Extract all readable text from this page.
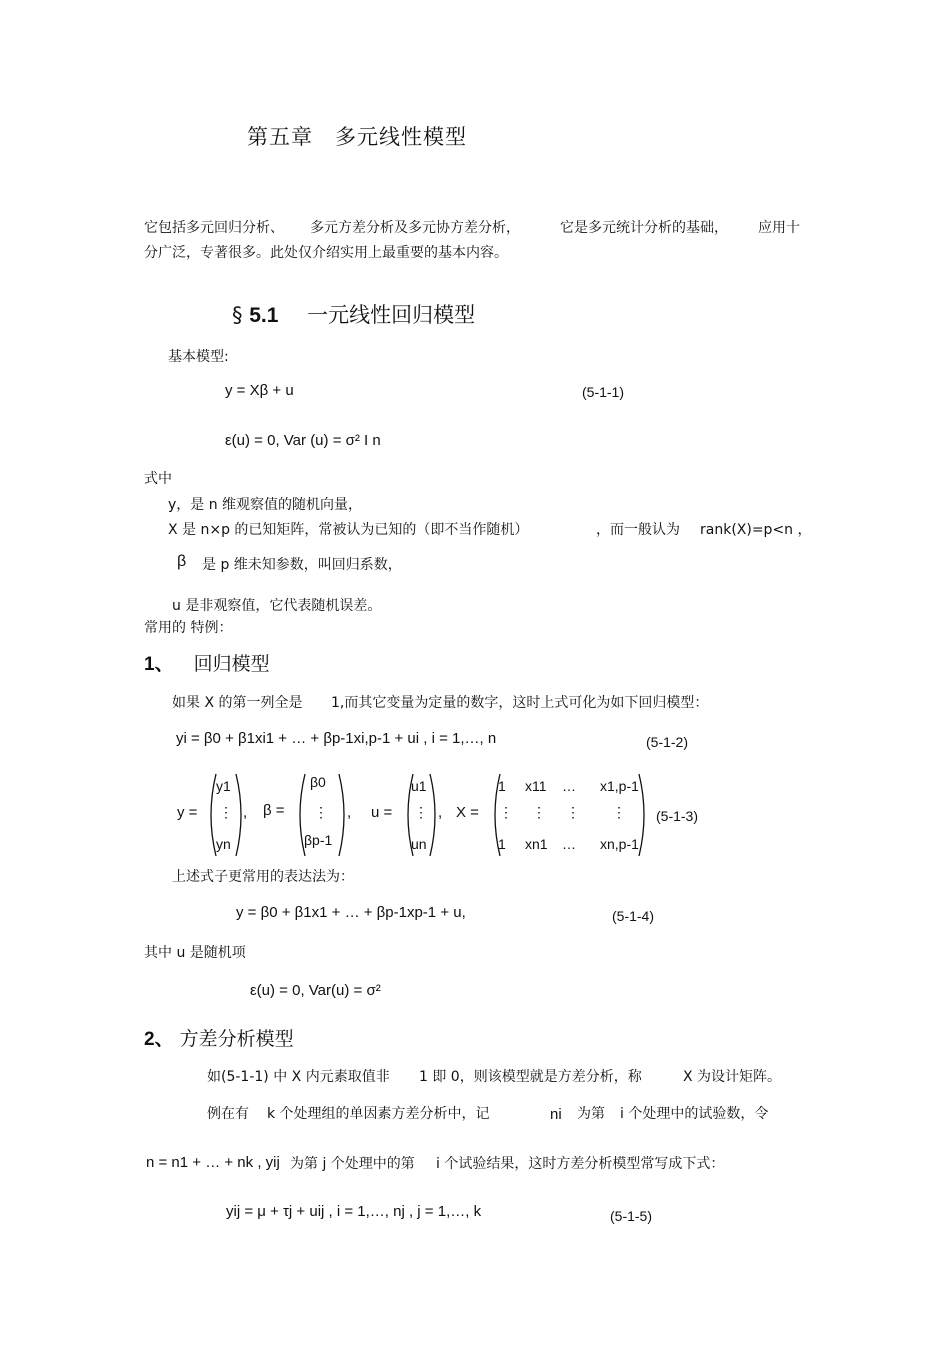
第五章　多元线性模型
它包括多元回归分析、 多元方差分析及多元协方差分析，	它是多元统计分析的基础， 应用十
分广泛，专著很多。此处仅介绍实用上最重要的基本内容。
§ 5.1 一元线性回归模型
基本模型:
y = Xβ + u	(5-1-1)
ε(u) = 0, Var (u) = σ² I n
式中
y，是 n 维观察值的随机向量，
X 是 n×p 的已知矩阵，常被认为已知的（即不当作随机）	，而一般认为 rank(X)=p<n ，
β 是 p 维未知参数，叫回归系数，
u 是非观察值，它代表随机误差。
常用的 特例：
1、 回归模型
如果 X 的第一列全是 1,而其它变量为定量的数字，这时上式可化为如下回归模型：
yi = β0 + β1xi1 + … + βp-1xi,p-1 + ui , i = 1,…, n	(5-1-2)
y =
y1
⋮
yn
, β =
β0
⋮
βp-1
, u =
u1
⋮
un
, X =
1 x11 … x1,p-1
⋮ ⋮ ⋮ ⋮
1 xn1 … xn,p-1
(5-1-3)
上述式子更常用的表达法为：
y = β0 + β1x1 + … + βp-1xp-1 + u,	(5-1-4)
其中 u 是随机项
ε(u) = 0, Var(u) = σ²
2、 方差分析模型
如(5-1-1) 中 X 内元素取值非 1 即 0，则该模型就是方差分析，称	X 为设计矩阵。
例在有 k 个处理组的单因素方差分析中，记	ni 为第 i 个处理中的试验数，令
n = n1 + … + nk , yij 为第 j 个处理中的第 i 个试验结果，这时方差分析模型常写成下式：
yij = μ + τj + uij , i = 1,…, nj , j = 1,…, k	(5-1-5)
